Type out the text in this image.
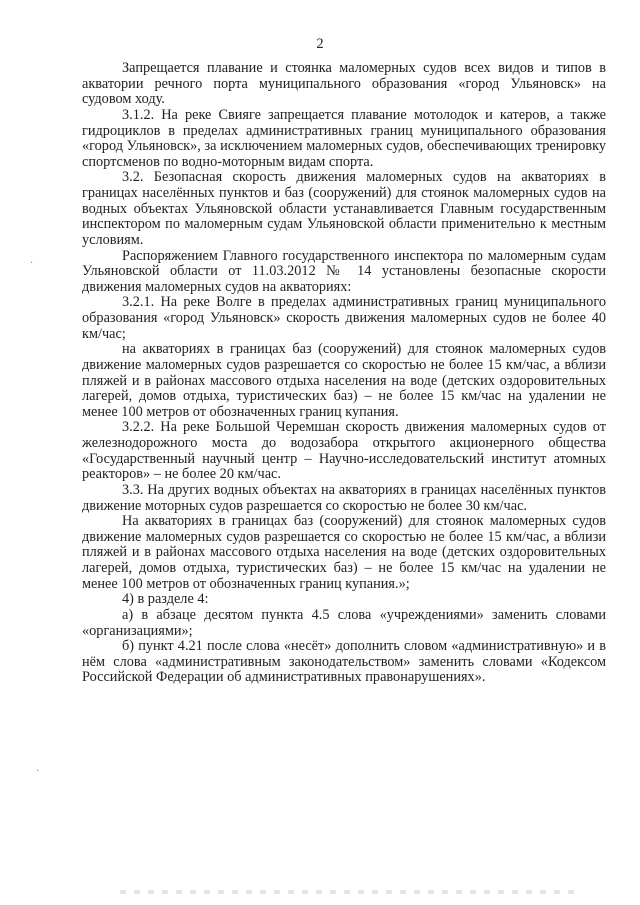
2

Запрещается плавание и стоянка маломерных судов всех видов и типов в акватории речного порта муниципального образования «город Ульяновск» на судовом ходу.

3.1.2. На реке Свияге запрещается плавание мотолодок и катеров, а также гидроциклов в пределах административных границ муниципального образования «город Ульяновск», за исключением маломерных судов, обеспечивающих тренировку спортсменов по водно-моторным видам спорта.

3.2. Безопасная скорость движения маломерных судов на акваториях в границах населённых пунктов и баз (сооружений) для стоянок маломерных судов на водных объектах Ульяновской области устанавливается Главным государственным инспектором по маломерным судам Ульяновской области применительно к местным условиям.

Распоряжением Главного государственного инспектора по маломерным судам Ульяновской области от 11.03.2012 № 14 установлены безопасные скорости движения маломерных судов на акваториях:

3.2.1. На реке Волге в пределах административных границ муниципального образования «город Ульяновск» скорость движения маломерных судов не более 40 км/час;

на акваториях в границах баз (сооружений) для стоянок маломерных судов движение маломерных судов разрешается со скоростью не более 15 км/час, а вблизи пляжей и в районах массового отдыха населения на воде (детских оздоровительных лагерей, домов отдыха, туристических баз) – не более 15 км/час на удалении не менее 100 метров от обозначенных границ купания.

3.2.2. На реке Большой Черемшан скорость движения маломерных судов от железнодорожного моста до водозабора открытого акционерного общества «Государственный научный центр – Научно-исследовательский институт атомных реакторов» – не более 20 км/час.

3.3. На других водных объектах на акваториях в границах населённых пунктов движение моторных судов разрешается со скоростью не более 30 км/час.

На акваториях в границах баз (сооружений) для стоянок маломерных судов движение маломерных судов разрешается со скоростью не более 15 км/час, а вблизи пляжей и в районах массового отдыха населения на воде (детских оздоровительных лагерей, домов отдыха, туристических баз) – не более 15 км/час на удалении не менее 100 метров от обозначенных границ купания.»;

4) в разделе 4:

а) в абзаце десятом пункта 4.5 слова «учреждениями» заменить словами «организациями»;

б) пункт 4.21 после слова «несёт» дополнить словом «административную» и в нём слова «административным законодательством» заменить словами «Кодексом Российской Федерации об административных правонарушениях».

·
·
